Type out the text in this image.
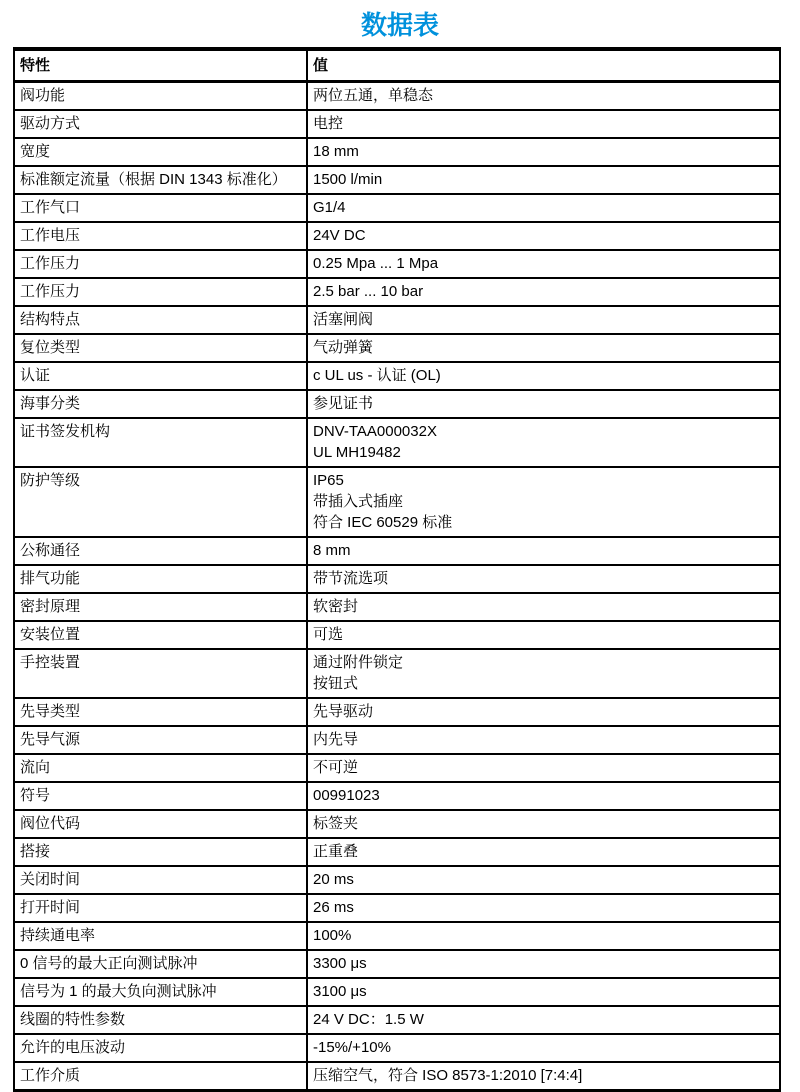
数据表
特性	值
阀功能	两位五通，单稳态

驱动方式	电控

宽度	18 mm

标准额定流量（根据 DIN 1343 标准化）	1500 l/min

工作气口	G1/4

工作电压	24V DC

工作压力	0.25 Mpa ... 1 Mpa

工作压力	2.5 bar ... 10 bar

结构特点	活塞闸阀

复位类型	气动弹簧

认证	c UL us - 认证 (OL)

海事分类	参见证书

证书签发机构	DNV-TAA000032X
UL MH19482

防护等级	IP65
带插入式插座
符合 IEC 60529 标准

公称通径	8 mm

排气功能	带节流选项

密封原理	软密封

安装位置	可选

手控装置	通过附件锁定
按钮式

先导类型	先导驱动

先导气源	内先导

流向	不可逆

符号	00991023

阀位代码	标签夹

搭接	正重叠

关闭时间	20 ms

打开时间	26 ms

持续通电率	100%

0 信号的最大正向测试脉冲	3300 μs

信号为 1 的最大负向测试脉冲	3100 μs

线圈的特性参数	24 V DC：1.5 W

允许的电压波动	-15%/+10%

工作介质	压缩空气，符合 ISO 8573-1:2010 [7:4:4]
